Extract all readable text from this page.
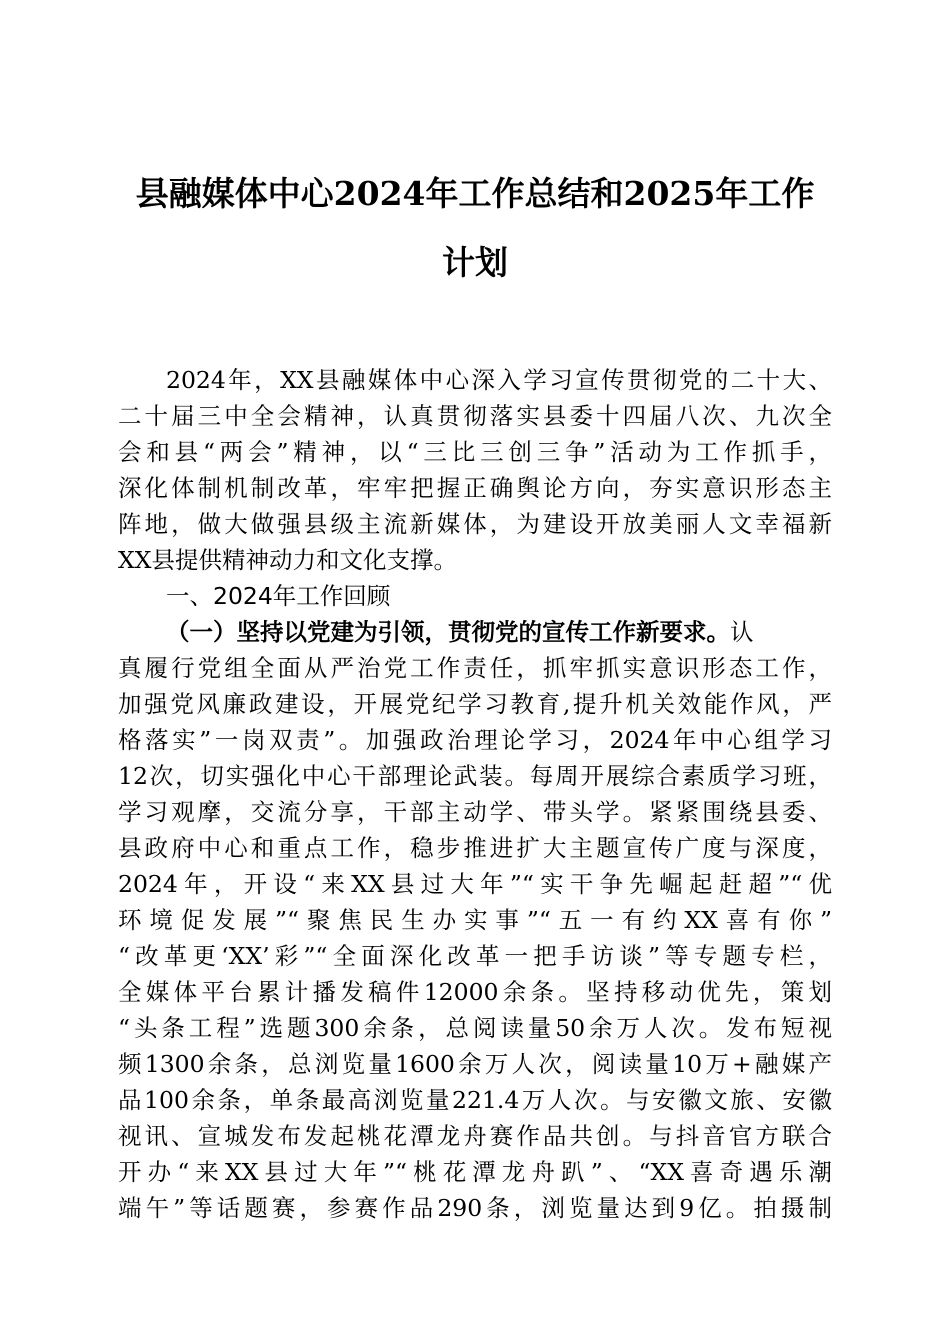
县融媒体中心2024年工作总结和2025年工作
计划
2024年，XX县融媒体中心深入学习宣传贯彻党的二十大、
二十届三中全会精神，认真贯彻落实县委十四届八次、九次全
会和县“两会”精神，以“三比三创三争”活动为工作抓手，
深化体制机制改革，牢牢把握正确舆论方向，夯实意识形态主
阵地，做大做强县级主流新媒体，为建设开放美丽人文幸福新
XX县提供精神动力和文化支撑。
一、2024年工作回顾
（一）坚持以党建为引领，贯彻党的宣传工作新要求。认
真履行党组全面从严治党工作责任，抓牢抓实意识形态工作，
加强党风廉政建设，开展党纪学习教育,提升机关效能作风，严
格落实”一岗双责”。加强政治理论学习，2024年中心组学习
12次，切实强化中心干部理论武装。每周开展综合素质学习班，
学习观摩，交流分享，干部主动学、带头学。紧紧围绕县委、
县政府中心和重点工作，稳步推进扩大主题宣传广度与深度，
2024年，开设“来XX县过大年”“实干争先崛起赶超”“优
环境促发展”“聚焦民生办实事”“五一有约XX喜有你”
“改革更‘XX’彩”“全面深化改革一把手访谈”等专题专栏，
全媒体平台累计播发稿件12000余条。坚持移动优先，策划
“头条工程”选题300余条，总阅读量50余万人次。发布短视
频1300余条，总浏览量1600余万人次，阅读量10万+融媒产
品100余条，单条最高浏览量221.4万人次。与安徽文旅、安徽
视讯、宣城发布发起桃花潭龙舟赛作品共创。与抖音官方联合
开办“来XX县过大年”“桃花潭龙舟趴”、“XX喜奇遇乐潮
端午”等话题赛，参赛作品290条，浏览量达到9亿。拍摄制
